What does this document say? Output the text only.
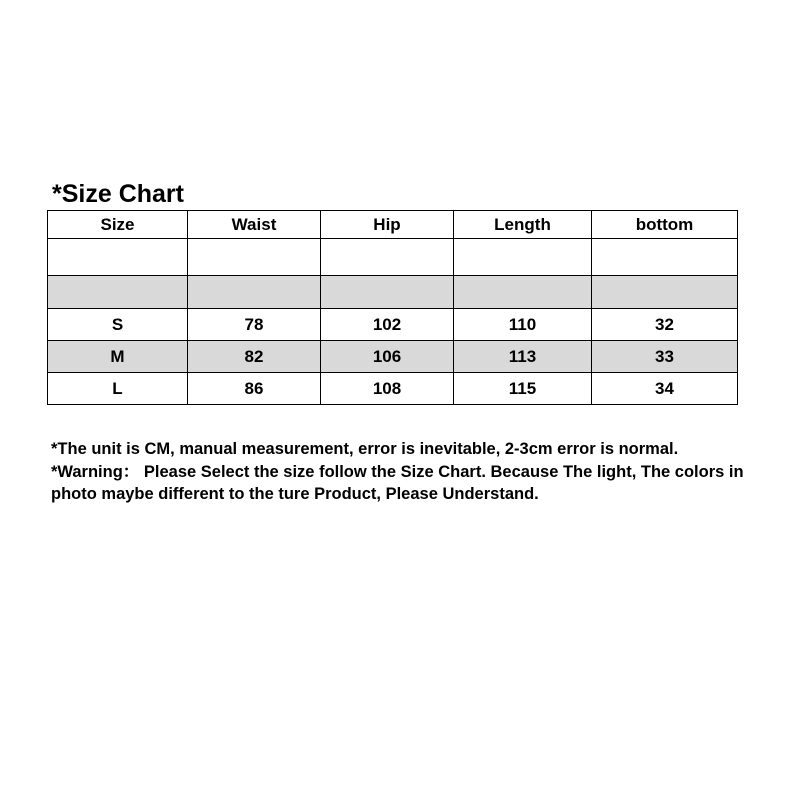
*Size Chart
Size	Waist	Hip	Length	bottom

S	78	102	110	32
M	82	106	113	33
L	86	108	115	34

*The unit is CM, manual measurement, error is inevitable, 2-3cm error is normal.

*Warning： Please Select the size follow the Size Chart. Because The light, The colors in photo maybe different to the ture Product, Please Understand.
